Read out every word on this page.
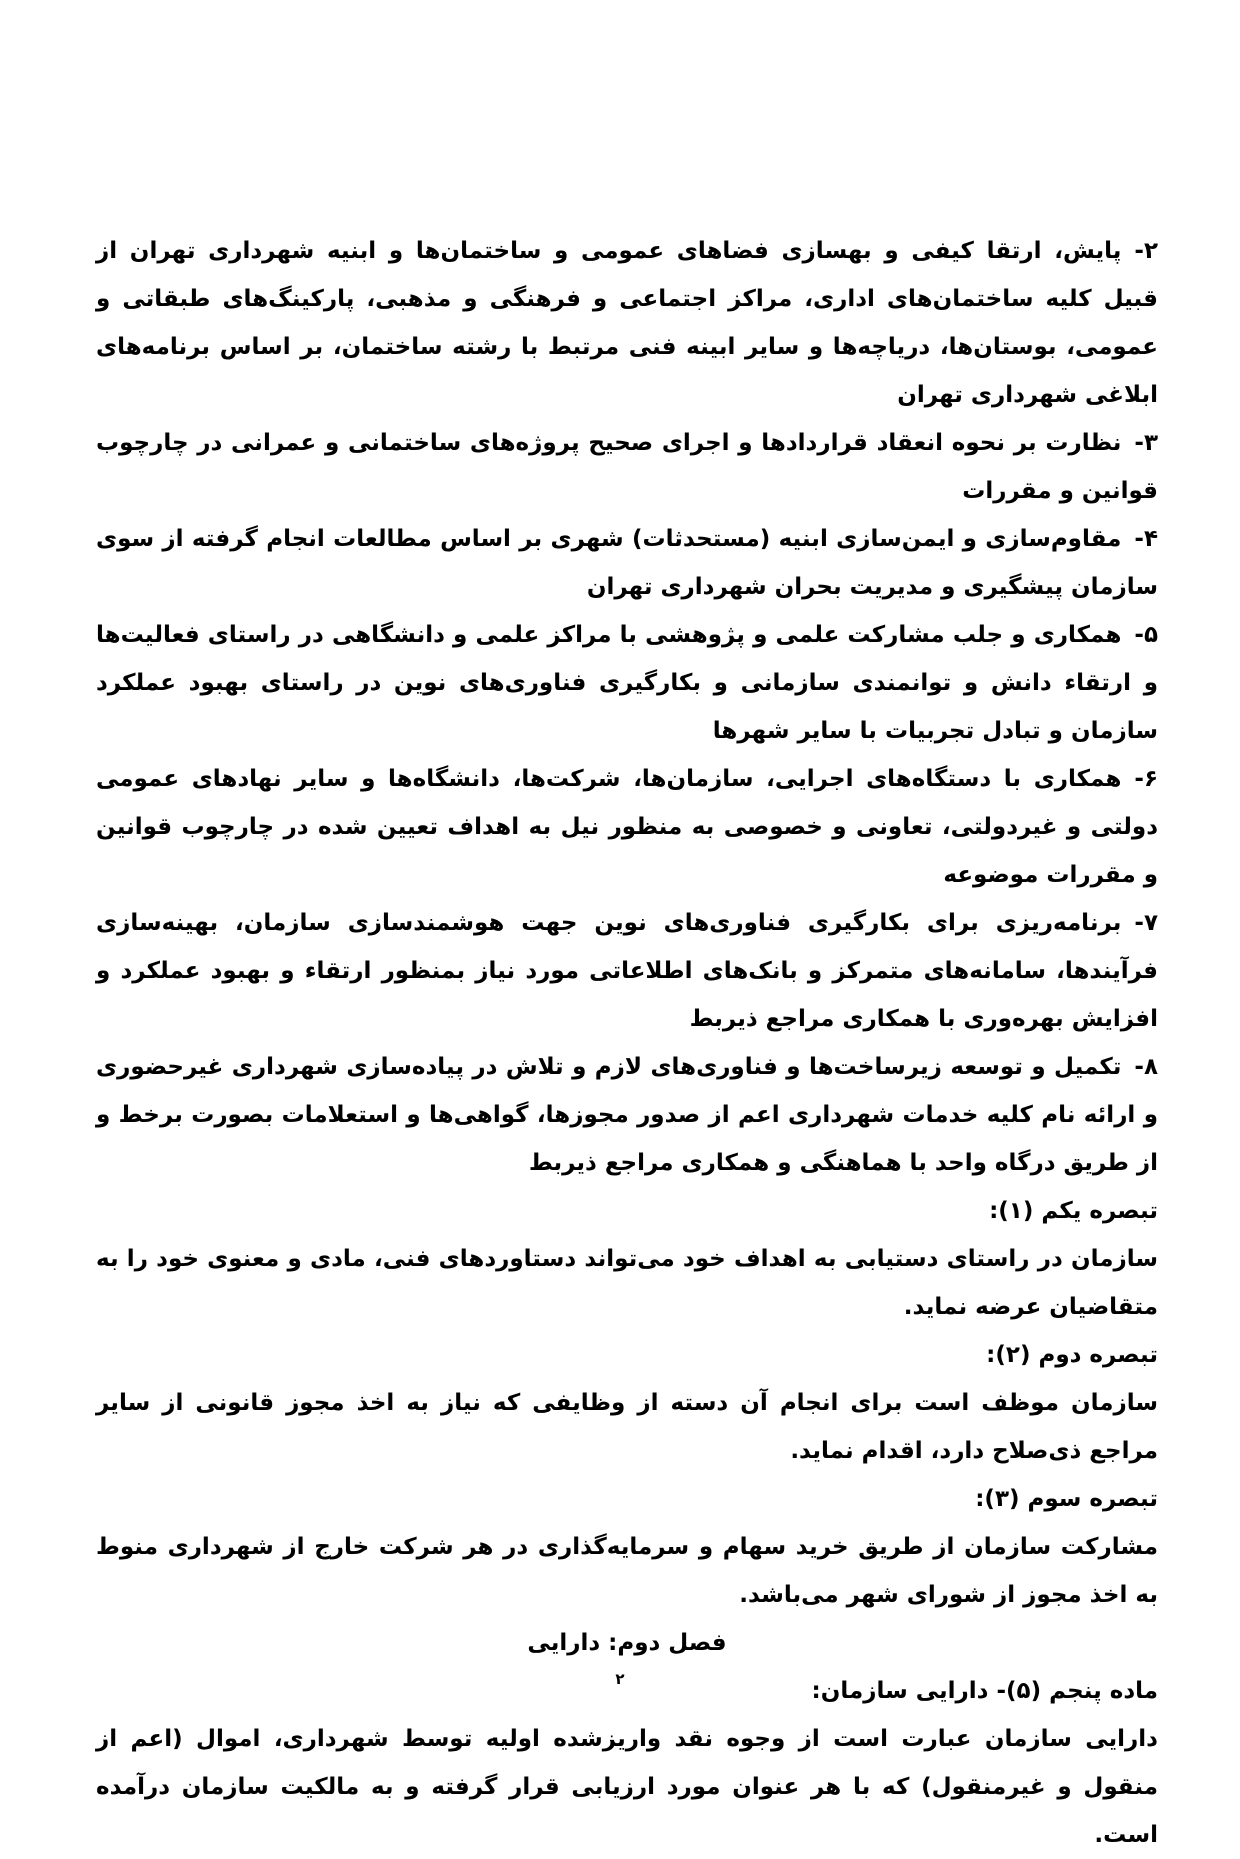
۲-پایش، ارتقا کیفی و بهسازی فضاهای عمومی و ساختمان‌ها و ابنیه شهرداری تهران از قبیل کلیه ساختمان‌های اداری، مراکز اجتماعی و فرهنگی و مذهبی، پارکینگ‌های طبقاتی و عمومی، بوستان‌ها، دریاچه‌ها و سایر ابینه فنی مرتبط با رشته ساختمان، بر اساس برنامه‌های ابلاغی شهرداری تهران

۳-نظارت بر نحوه انعقاد قراردادها و اجرای صحیح پروژه‌های ساختمانی و عمرانی در چارچوب قوانین و مقررات

۴-مقاوم‌سازی و ایمن‌سازی ابنیه (مستحدثات) شهری بر اساس مطالعات انجام گرفته از سوی سازمان پیشگیری و مدیریت بحران شهرداری تهران

۵-همکاری و جلب مشارکت علمی و پژوهشی با مراکز علمی و دانشگاهی در راستای فعالیت‌ها و ارتقاء دانش و توانمندی سازمانی و بکارگیری فناوری‌های نوین در راستای بهبود عملکرد سازمان و تبادل تجربیات با سایر شهرها

۶-همکاری با دستگاه‌های اجرایی، سازمان‌ها، شرکت‌ها، دانشگاه‌ها و سایر نهادهای عمومی دولتی و غیردولتی، تعاونی و خصوصی به منظور نیل به اهداف تعیین شده در چارچوب قوانین و مقررات موضوعه

۷-برنامه‌ریزی برای بکارگیری فناوری‌های نوین جهت هوشمندسازی سازمان، بهینه‌سازی فرآیندها، سامانه‌های متمرکز و بانک‌های اطلاعاتی مورد نیاز بمنظور ارتقاء و بهبود عملکرد و افزایش بهره‌وری با همکاری مراجع ذیربط

۸-تکمیل و توسعه زیرساخت‌ها و فناوری‌های لازم و تلاش در پیاده‌سازی شهرداری غیرحضوری و ارائه نام کلیه خدمات شهرداری اعم از صدور مجوزها، گواهی‌ها و استعلامات بصورت برخط و از طریق درگاه واحد با هماهنگی و همکاری مراجع ذیربط

تبصره یکم (۱):

سازمان در راستای دستیابی به اهداف خود می‌تواند دستاوردهای فنی، مادی و معنوی خود را به متقاضیان عرضه نماید.

تبصره دوم (۲):

سازمان موظف است برای انجام آن دسته از وظایفی که نیاز به اخذ مجوز قانونی از سایر مراجع ذی‌صلاح دارد، اقدام نماید.

تبصره سوم (۳):

مشارکت سازمان از طریق خرید سهام و سرمایه‌گذاری در هر شرکت خارج از شهرداری منوط به اخذ مجوز از شورای شهر می‌باشد.

فصل دوم: دارایی
ماده پنجم (۵)- دارایی سازمان:

دارایی سازمان عبارت است از وجوه نقد واریزشده اولیه توسط شهرداری، اموال (اعم از منقول و غیرمنقول) که با هر عنوان مورد ارزیابی قرار گرفته و به مالکیت سازمان درآمده است.

۲
